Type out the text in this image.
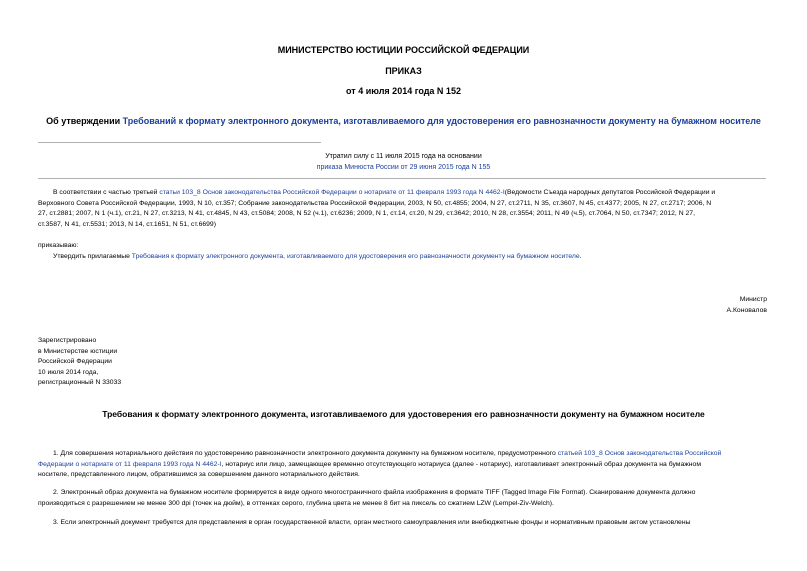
МИНИСТЕРСТВО ЮСТИЦИИ РОССИЙСКОЙ ФЕДЕРАЦИИ
ПРИКАЗ
от 4 июля 2014 года N 152
Об утверждении Требований к формату электронного документа, изготавливаемого для удостоверения его равнозначности документу на бумажном носителе
Утратил силу с 11 июля 2015 года на основании
приказа Минюста России от 29 июня 2015 года N 155

В соответствии с частью третьей статьи 103_8 Основ законодательства Российской Федерации о нотариате от 11 февраля 1993 года N 4462-I(Ведомости Съезда народных депутатов Российской Федерации и

Верховного Совета Российской Федерации, 1993, N 10, ст.357; Собрание законодательства Российской Федерации, 2003, N 50, ст.4855; 2004, N 27, ст.2711, N 35, ст.3607, N 45, ст.4377; 2005, N 27, ст.2717; 2006, N

27, ст.2881; 2007, N 1 (ч.1), ст.21, N 27, ст.3213, N 41, ст.4845, N 43, ст.5084; 2008, N 52 (ч.1), ст.6236; 2009, N 1, ст.14, ст.20, N 29, ст.3642; 2010, N 28, ст.3554; 2011, N 49 (ч.5), ст.7064, N 50, ст.7347; 2012, N 27,

ст.3587, N 41, ст.5531; 2013, N 14, ст.1651, N 51, ст.6699)

приказываю:
Утвердить прилагаемые Требования к формату электронного документа, изготавливаемого для удостоверения его равнозначности документу на бумажном носителе.
Министр
А.Коновалов

Зарегистрировано

в Министерстве юстиции

Российской Федерации

10 июля 2014 года,

регистрационный N 33033

Требования к формату электронного документа, изготавливаемого для удостоверения его равнозначности документу на бумажном носителе

1. Для совершения нотариального действия по удостоверению равнозначности электронного документа документу на бумажном носителе, предусмотренного статьей 103_8 Основ законодательства Российской

Федерации о нотариате от 11 февраля 1993 года N 4462-I, нотариус или лицо, замещающее временно отсутствующего нотариуса (далее - нотариус), изготавливает электронный образ документа на бумажном

носителе, представленного лицом, обратившимся за совершением данного нотариального действия.

2. Электронный образ документа на бумажном носителе формируется в виде одного многостраничного файла изображения в формате TIFF (Tagged Image File Format). Сканирование документа должно

производиться с разрешением не менее 300 dpi (точек на дюйм), в оттенках серого, глубина цвета не менее 8 бит на пиксель со сжатием LZW (Lempel-Ziv-Welch).

3. Если электронный документ требуется для представления в орган государственной власти, орган местного самоуправления или внебюджетные фонды и нормативным правовым актом установлены
